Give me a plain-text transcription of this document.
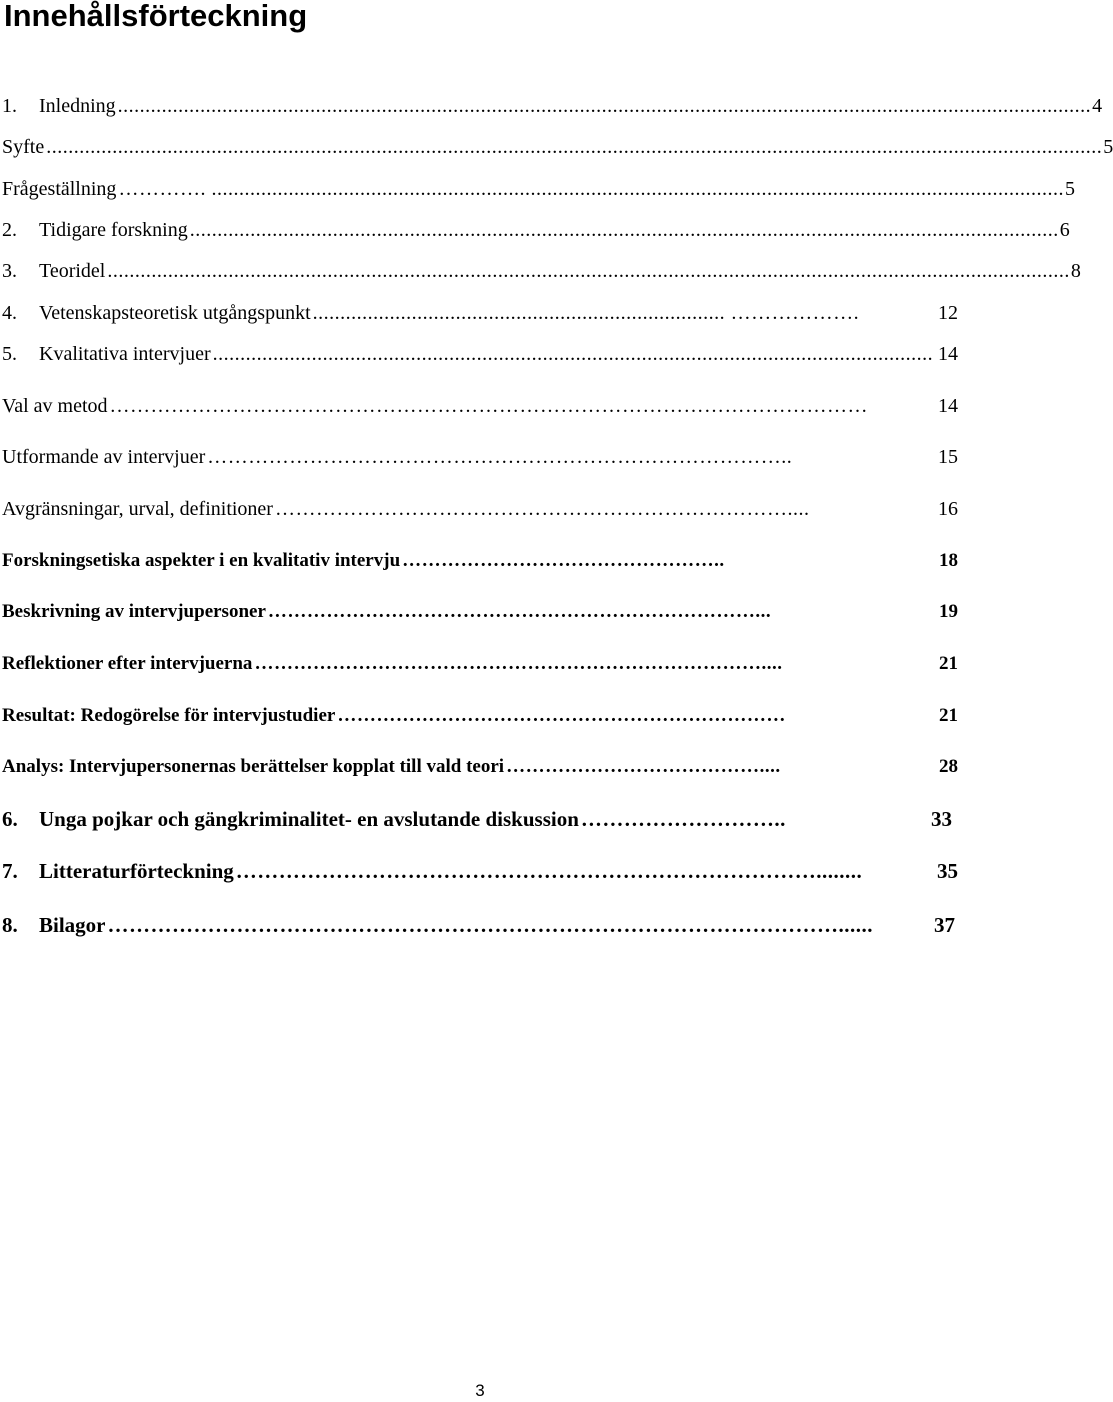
Innehållsförteckning
1.	Inledning ................................................................................................................................................................................. 4
Syfte ................................................................................................................................................................................................ 5
Frågeställning …………. ........................................................................................................................................................... 5
2.	Tidigare forskning .............................................................................................................................................................. 6
3.	Teoridel ............................................................................................................................................................................... 8
4.	Vetenskapsteoretisk utgångspunkt ........................................................................... ……………….	12
5.	Kvalitativa intervjuer ................................................................................................................................... 14
Val av metod …………………………………………………………………………………………………	14
Utformande av intervjuer …………………………………………………………………………..	15
Avgränsningar, urval, definitioner …………………………………………………………………....	16
Forskningsetiska aspekter i en kvalitativ intervju …………………………………………..	18
Beskrivning av intervjupersoner …………………………………………………………………...	19
Reflektioner efter intervjuerna ……………………………………………………………………....	21
Resultat: Redogörelse för intervjustudier ……………………………………………………………	21
Analys: Intervjupersonernas berättelser kopplat till vald teori …………………………………....	28
6.	Unga pojkar och gängkriminalitet- en avslutande diskussion ………………………..	33
7.	Litteraturförteckning ………………………………………………………………………........	35
8.	Bilagor …………………………………………………………………………………………......	37
3
